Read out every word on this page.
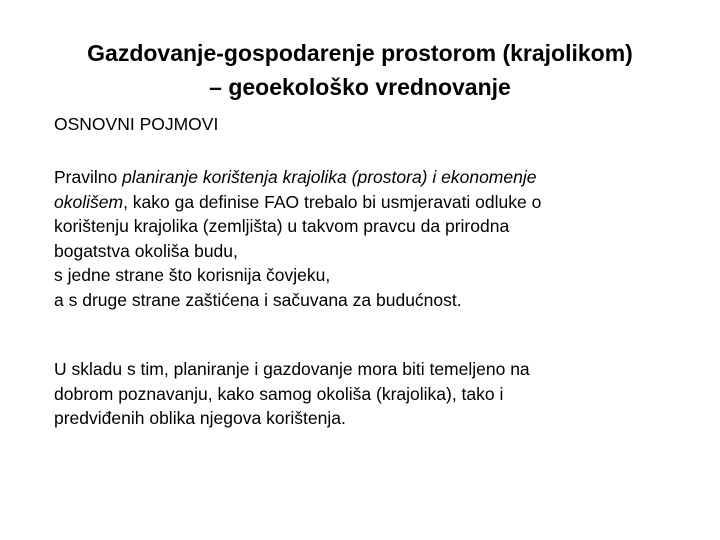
Gazdovanje-gospodarenje prostorom (krajolikom)
– geoekološko vrednovanje

OSNOVNI POJMOVI

Pravilno planiranje korištenja krajolika (prostora) i ekonomenje
okolišem, kako ga definise FAO trebalo bi usmjeravati odluke o
korištenju krajolika (zemljišta) u takvom pravcu da prirodna
bogatstva okoliša budu,
s jedne strane što korisnija čovjeku,
a s druge strane zaštićena i sačuvana za budućnost.

U skladu s tim, planiranje i gazdovanje mora biti temeljeno na
dobrom poznavanju, kako samog okoliša (krajolika), tako i
predviđenih oblika njegova korištenja.
